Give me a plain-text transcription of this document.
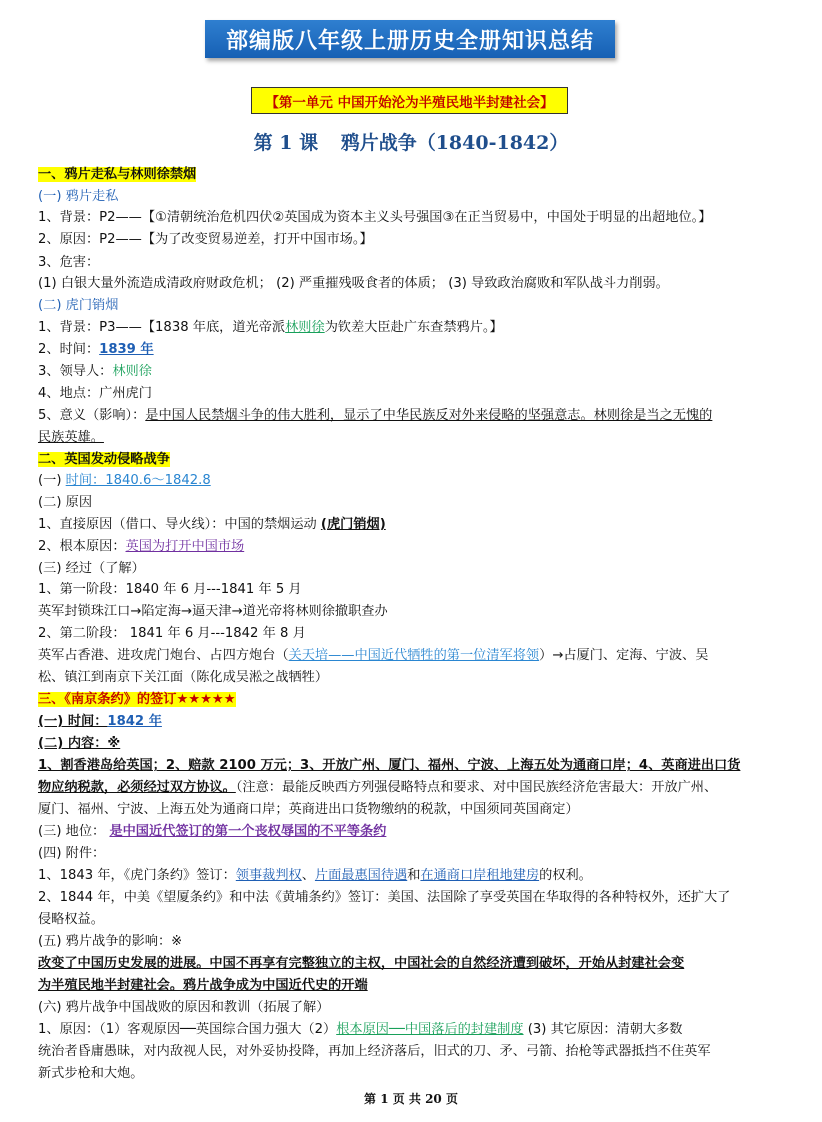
部编版八年级上册历史全册知识总结
【第一单元 中国开始沦为半殖民地半封建社会】
第 1 课 鸦片战争（1840-1842）
一、鸦片走私与林则徐禁烟
(一) 鸦片走私
1、背景：P2——【①清朝统治危机四伏②英国成为资本主义头号强国③在正当贸易中，中国处于明显的出超地位。】
2、原因：P2——【为了改变贸易逆差，打开中国市场。】
3、危害：
(1) 白银大量外流造成清政府财政危机； (2) 严重摧残吸食者的体质； (3) 导致政治腐败和军队战斗力削弱。
(二) 虎门销烟
1、背景：P3——【1838 年底，道光帝派林则徐为钦差大臣赴广东查禁鸦片。】
2、时间：1839 年
3、领导人：林则徐
4、地点：广州虎门
5、意义（影响）：是中国人民禁烟斗争的伟大胜利，显示了中华民族反对外来侵略的坚强意志。林则徐是当之无愧的
民族英雄。
二、英国发动侵略战争
(一) 时间：1840.6～1842.8
(二) 原因
1、直接原因（借口、导火线）：中国的禁烟运动 (虎门销烟)
2、根本原因：英国为打开中国市场
(三) 经过（了解）
1、第一阶段：1840 年 6 月---1841 年 5 月
英军封锁珠江口→陷定海→逼天津→道光帝将林则徐撤职查办
2、第二阶段： 1841 年 6 月---1842 年 8 月
英军占香港、进攻虎门炮台、占四方炮台（关天培——中国近代牺牲的第一位清军将领）→占厦门、定海、宁波、吴
松、镇江到南京下关江面（陈化成吴淞之战牺牲）
三、《南京条约》的签订★★★★★
(一) 时间：1842 年
(二) 内容：※
1、割香港岛给英国；2、赔款 2100 万元；3、开放广州、厦门、福州、宁波、上海五处为通商口岸；4、英商进出口货
物应纳税款，必须经过双方协议。（注意：最能反映西方列强侵略特点和要求、对中国民族经济危害最大：开放广州、
厦门、福州、宁波、上海五处为通商口岸；英商进出口货物缴纳的税款，中国须同英国商定）
(三) 地位： 是中国近代签订的第一个丧权辱国的不平等条约
(四) 附件：
1、1843 年，《虎门条约》签订：领事裁判权、片面最惠国待遇和在通商口岸租地建房的权利。
2、1844 年，中美《望厦条约》和中法《黄埔条约》签订：美国、法国除了享受英国在华取得的各种特权外，还扩大了
侵略权益。
(五) 鸦片战争的影响：※
改变了中国历史发展的进展。中国不再享有完整独立的主权，中国社会的自然经济遭到破坏，开始从封建社会变
为半殖民地半封建社会。鸦片战争成为中国近代史的开端
(六) 鸦片战争中国战败的原因和教训（拓展了解）
1、原因：（1）客观原因──英国综合国力强大（2）根本原因──中国落后的封建制度 (3) 其它原因：清朝大多数
统治者昏庸愚昧，对内敌视人民，对外妥协投降，再加上经济落后，旧式的刀、矛、弓箭、抬枪等武器抵挡不住英军
新式步枪和大炮。
第 1 页 共 20 页
